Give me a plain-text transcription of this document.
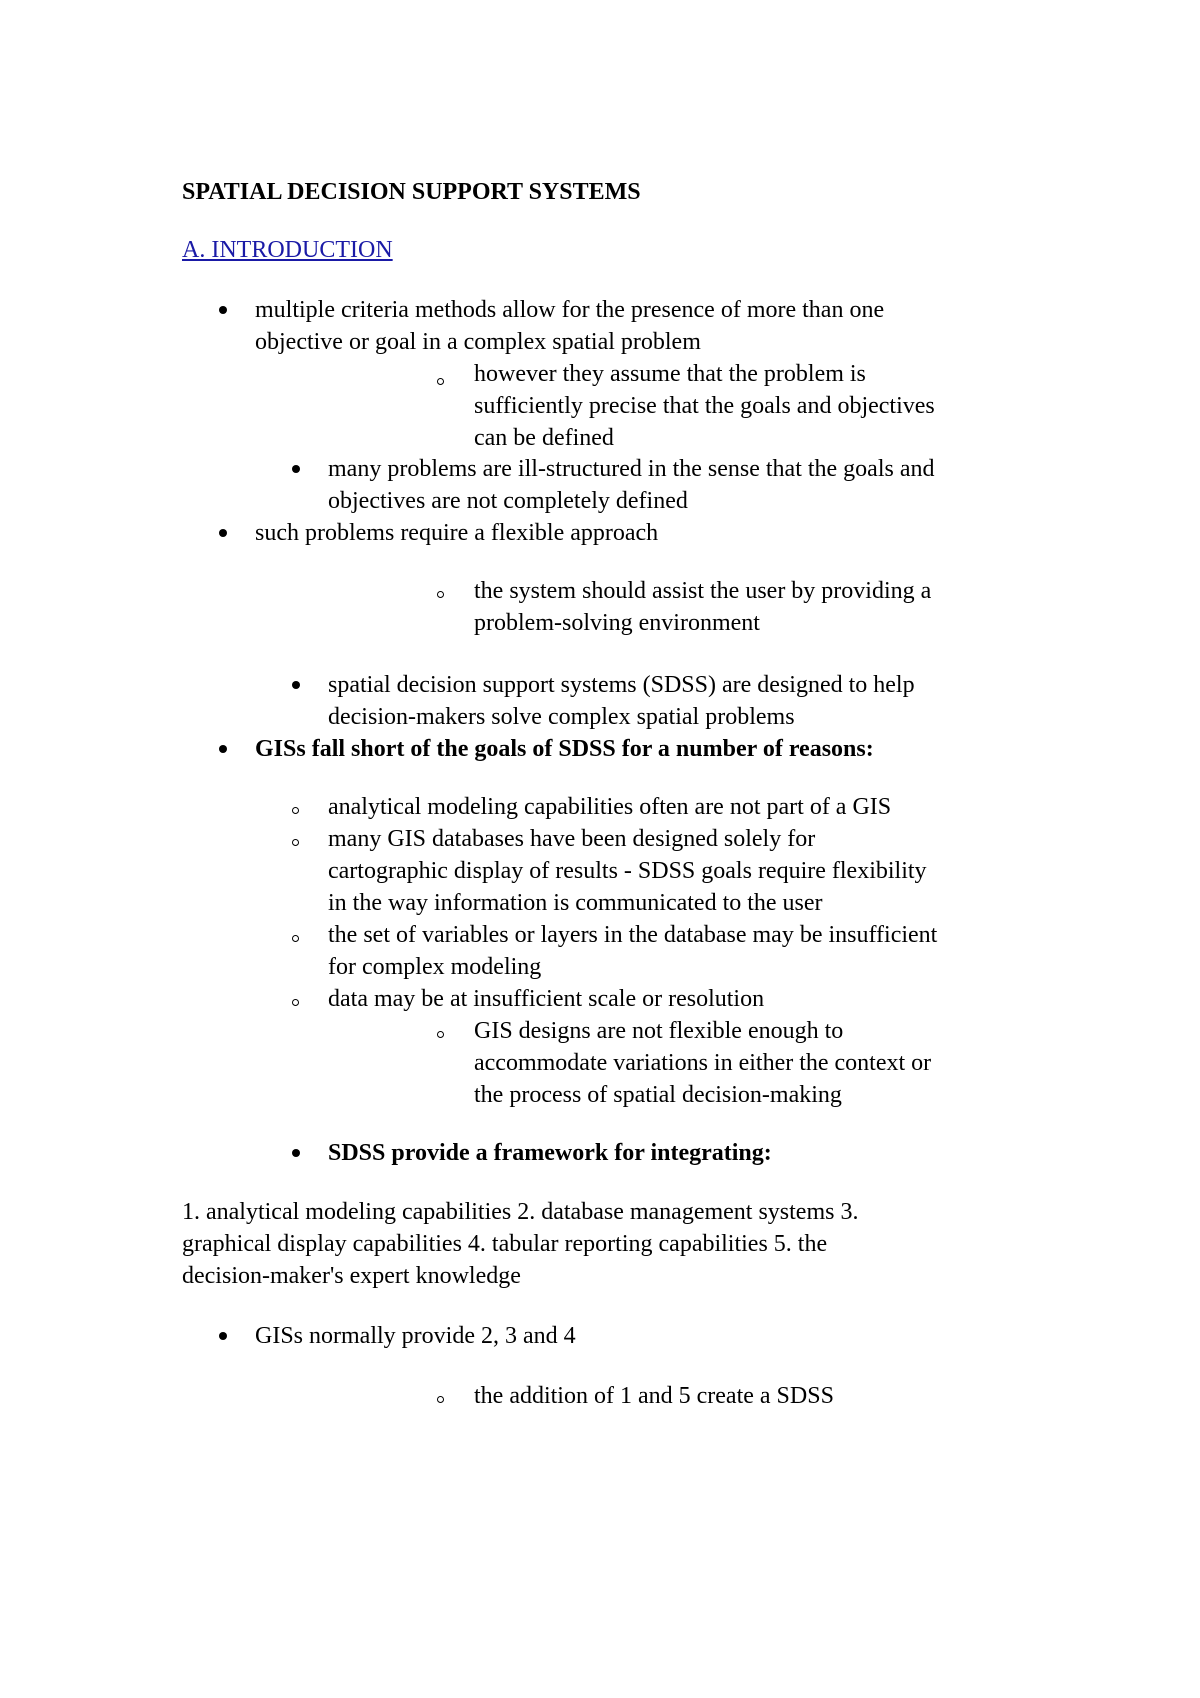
SPATIAL DECISION SUPPORT SYSTEMS
A. INTRODUCTION
multiple criteria methods allow for the presence of more than one
objective or goal in a complex spatial problem
however they assume that the problem is
sufficiently precise that the goals and objectives
can be defined
many problems are ill-structured in the sense that the goals and
objectives are not completely defined
such problems require a flexible approach
the system should assist the user by providing a
problem-solving environment
spatial decision support systems (SDSS) are designed to help
decision-makers solve complex spatial problems
GISs fall short of the goals of SDSS for a number of reasons:
analytical modeling capabilities often are not part of a GIS
many GIS databases have been designed solely for
cartographic display of results - SDSS goals require flexibility
in the way information is communicated to the user
the set of variables or layers in the database may be insufficient
for complex modeling
data may be at insufficient scale or resolution
GIS designs are not flexible enough to
accommodate variations in either the context or
the process of spatial decision-making
SDSS provide a framework for integrating:
1. analytical modeling capabilities 2. database management systems 3.
graphical display capabilities 4. tabular reporting capabilities 5. the
decision-maker's expert knowledge
GISs normally provide 2, 3 and 4
the addition of 1 and 5 create a SDSS
